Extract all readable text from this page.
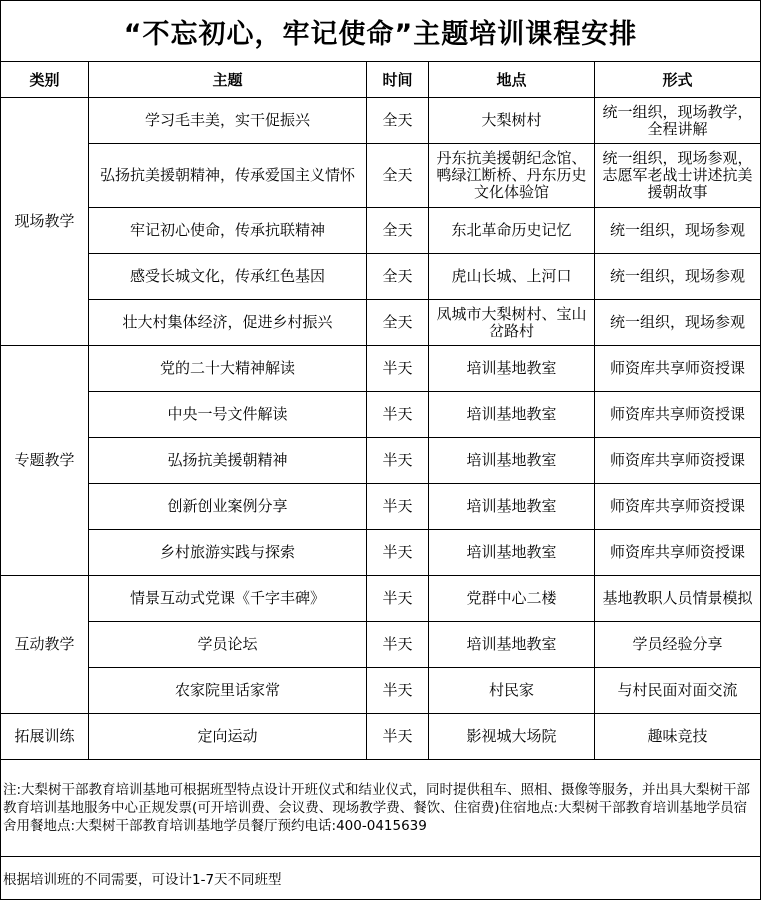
“不忘初心，牢记使命”主题培训课程安排				
类别	主题	时间	地点	形式
现场教学	学习毛丰美，实干促振兴	全天	大梨树村	统一组织，现场教学，全程讲解
	弘扬抗美援朝精神，传承爱国主义情怀	全天	丹东抗美援朝纪念馆、鸭绿江断桥、丹东历史文化体验馆	统一组织，现场参观，志愿军老战士讲述抗美援朝故事
	牢记初心使命，传承抗联精神	全天	东北革命历史记忆	统一组织，现场参观
	感受长城文化，传承红色基因	全天	虎山长城、上河口	统一组织，现场参观
	壮大村集体经济，促进乡村振兴	全天	凤城市大梨树村、宝山岔路村	统一组织，现场参观
专题教学	党的二十大精神解读	半天	培训基地教室	师资库共享师资授课
	中央一号文件解读	半天	培训基地教室	师资库共享师资授课
	弘扬抗美援朝精神	半天	培训基地教室	师资库共享师资授课
	创新创业案例分享	半天	培训基地教室	师资库共享师资授课
	乡村旅游实践与探索	半天	培训基地教室	师资库共享师资授课
互动教学	情景互动式党课《千字丰碑》	半天	党群中心二楼	基地教职人员情景模拟
	学员论坛	半天	培训基地教室	学员经验分享
	农家院里话家常	半天	村民家	与村民面对面交流
拓展训练	定向运动	半天	影视城大场院	趣味竞技
注:大梨树干部教育培训基地可根据班型特点设计开班仪式和结业仪式，同时提供租车、照相、摄像等服务，并出具大梨树干部教育培训基地服务中心正规发票(可开培训费、会议费、现场教学费、餐饮、住宿费)住宿地点:大梨树干部教育培训基地学员宿舍用餐地点:大梨树干部教育培训基地学员餐厅预约电话:400-0415639				
根据培训班的不同需要，可设计1-7天不同班型				
